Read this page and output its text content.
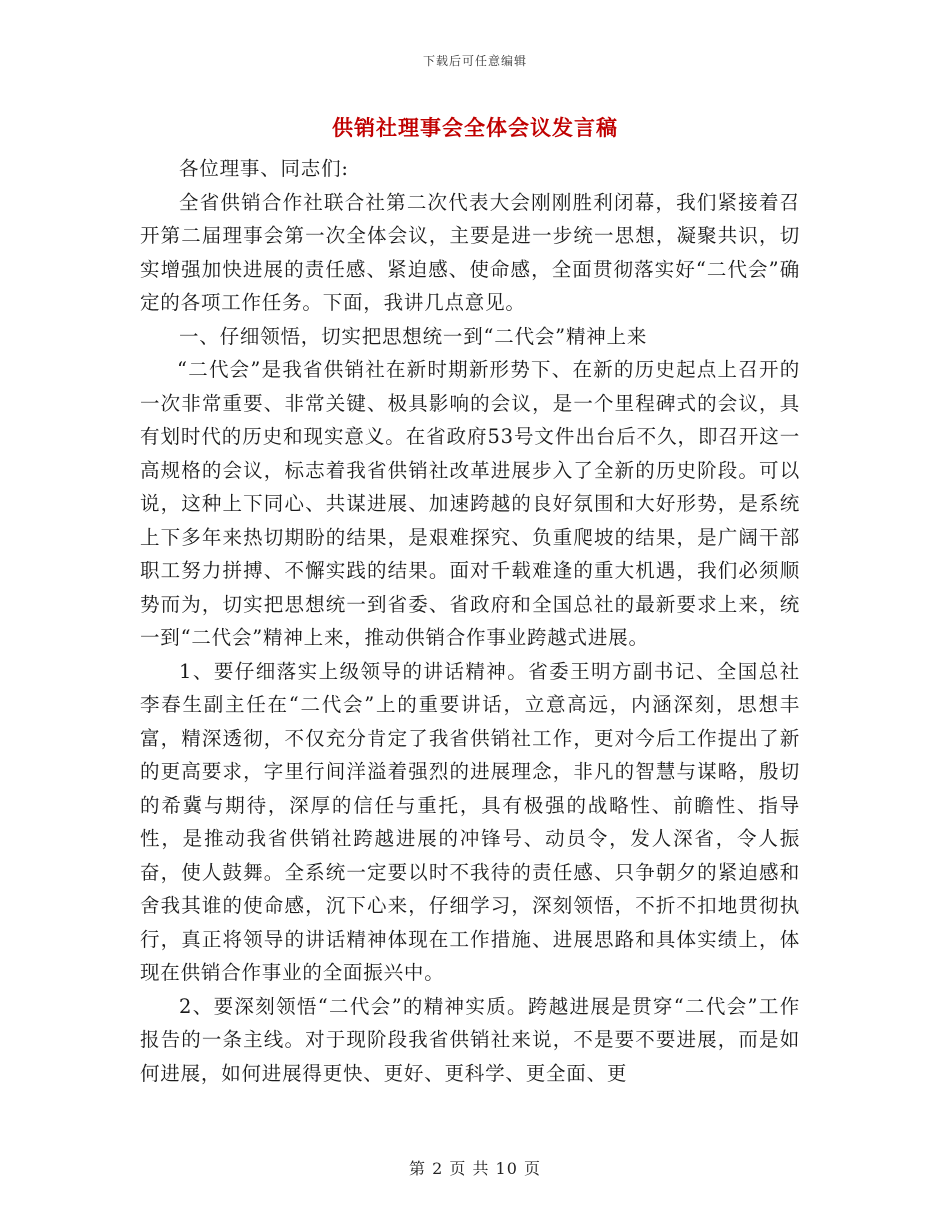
下载后可任意编辑
供销社理事会全体会议发言稿

各位理事、同志们:

全省供销合作社联合社第二次代表大会刚刚胜利闭幕，我们紧接着召开第二届理事会第一次全体会议，主要是进一步统一思想，凝聚共识，切实增强加快进展的责任感、紧迫感、使命感，全面贯彻落实好“二代会”确定的各项工作任务。下面，我讲几点意见。

一、仔细领悟，切实把思想统一到“二代会”精神上来

“二代会”是我省供销社在新时期新形势下、在新的历史起点上召开的一次非常重要、非常关键、极具影响的会议，是一个里程碑式的会议，具有划时代的历史和现实意义。在省政府53号文件出台后不久，即召开这一高规格的会议，标志着我省供销社改革进展步入了全新的历史阶段。可以说，这种上下同心、共谋进展、加速跨越的良好氛围和大好形势，是系统上下多年来热切期盼的结果，是艰难探究、负重爬坡的结果，是广阔干部职工努力拼搏、不懈实践的结果。面对千载难逢的重大机遇，我们必须顺势而为，切实把思想统一到省委、省政府和全国总社的最新要求上来，统一到“二代会”精神上来，推动供销合作事业跨越式进展。

1、要仔细落实上级领导的讲话精神。省委王明方副书记、全国总社李春生副主任在“二代会”上的重要讲话，立意高远，内涵深刻，思想丰富，精深透彻，不仅充分肯定了我省供销社工作，更对今后工作提出了新的更高要求，字里行间洋溢着强烈的进展理念，非凡的智慧与谋略，殷切的希冀与期待，深厚的信任与重托，具有极强的战略性、前瞻性、指导性，是推动我省供销社跨越进展的冲锋号、动员令，发人深省，令人振奋，使人鼓舞。全系统一定要以时不我待的责任感、只争朝夕的紧迫感和舍我其谁的使命感，沉下心来，仔细学习，深刻领悟，不折不扣地贯彻执行，真正将领导的讲话精神体现在工作措施、进展思路和具体实绩上，体现在供销合作事业的全面振兴中。

2、要深刻领悟“二代会”的精神实质。跨越进展是贯穿“二代会”工作报告的一条主线。对于现阶段我省供销社来说，不是要不要进展，而是如何进展，如何进展得更快、更好、更科学、更全面、更

第 2 页 共 10 页
